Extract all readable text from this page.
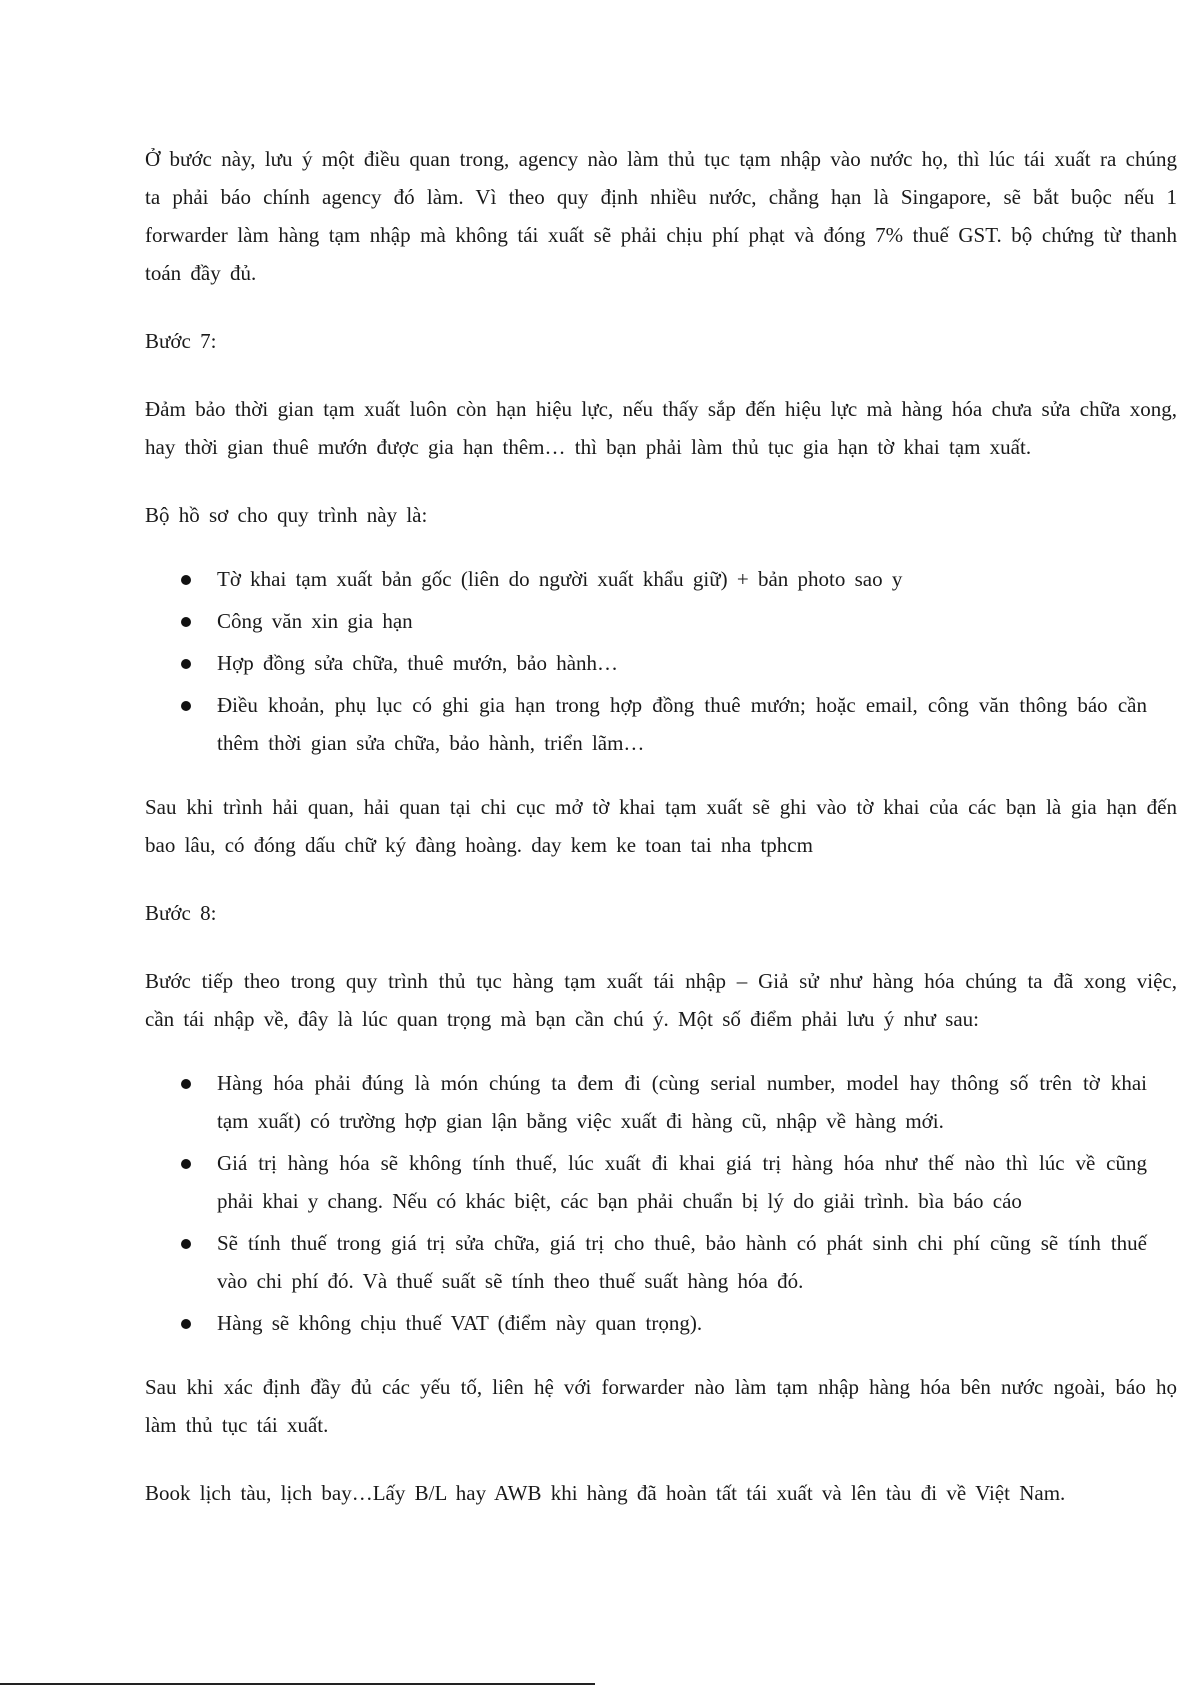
Ở bước này, lưu ý một điều quan trong, agency nào làm thủ tục tạm nhập vào nước họ, thì lúc tái xuất ra chúng ta phải báo chính agency đó làm. Vì theo quy định nhiều nước, chẳng hạn là Singapore, sẽ bắt buộc nếu 1 forwarder làm hàng tạm nhập mà không tái xuất sẽ phải chịu phí phạt và đóng 7% thuế GST. bộ chứng từ thanh toán đầy đủ.

Bước 7:

Đảm bảo thời gian tạm xuất luôn còn hạn hiệu lực, nếu thấy sắp đến hiệu lực mà hàng hóa chưa sửa chữa xong, hay thời gian thuê mướn được gia hạn thêm… thì bạn phải làm thủ tục gia hạn tờ khai tạm xuất.

Bộ hồ sơ cho quy trình này là:

Tờ khai tạm xuất bản gốc (liên do người xuất khẩu giữ) + bản photo sao y
Công văn xin gia hạn
Hợp đồng sửa chữa, thuê mướn, bảo hành…
Điều khoản, phụ lục có ghi gia hạn trong hợp đồng thuê mướn; hoặc email, công văn thông báo cần thêm thời gian sửa chữa, bảo hành, triển lãm…

Sau khi trình hải quan, hải quan tại chi cục mở tờ khai tạm xuất sẽ ghi vào tờ khai của các bạn là gia hạn đến bao lâu, có đóng dấu chữ ký đàng hoàng. day kem ke toan tai nha tphcm

Bước 8:

Bước tiếp theo trong quy trình thủ tục hàng tạm xuất tái nhập – Giả sử như hàng hóa chúng ta đã xong việc, cần tái nhập về, đây là lúc quan trọng mà bạn cần chú ý. Một số điểm phải lưu ý như sau:

Hàng hóa phải đúng là món chúng ta đem đi (cùng serial number, model hay thông số trên tờ khai tạm xuất) có trường hợp gian lận bằng việc xuất đi hàng cũ, nhập về hàng mới.
Giá trị hàng hóa sẽ không tính thuế, lúc xuất đi khai giá trị hàng hóa như thế nào thì lúc về cũng phải khai y chang. Nếu có khác biệt, các bạn phải chuẩn bị lý do giải trình. bìa báo cáo
Sẽ tính thuế trong giá trị sửa chữa, giá trị cho thuê, bảo hành có phát sinh chi phí cũng sẽ tính thuế vào chi phí đó. Và thuế suất sẽ tính theo thuế suất hàng hóa đó.
Hàng sẽ không chịu thuế VAT (điểm này quan trọng).

Sau khi xác định đầy đủ các yếu tố, liên hệ với forwarder nào làm tạm nhập hàng hóa bên nước ngoài, báo họ làm thủ tục tái xuất.

Book lịch tàu, lịch bay…Lấy B/L hay AWB khi hàng đã hoàn tất tái xuất và lên tàu đi về Việt Nam.
